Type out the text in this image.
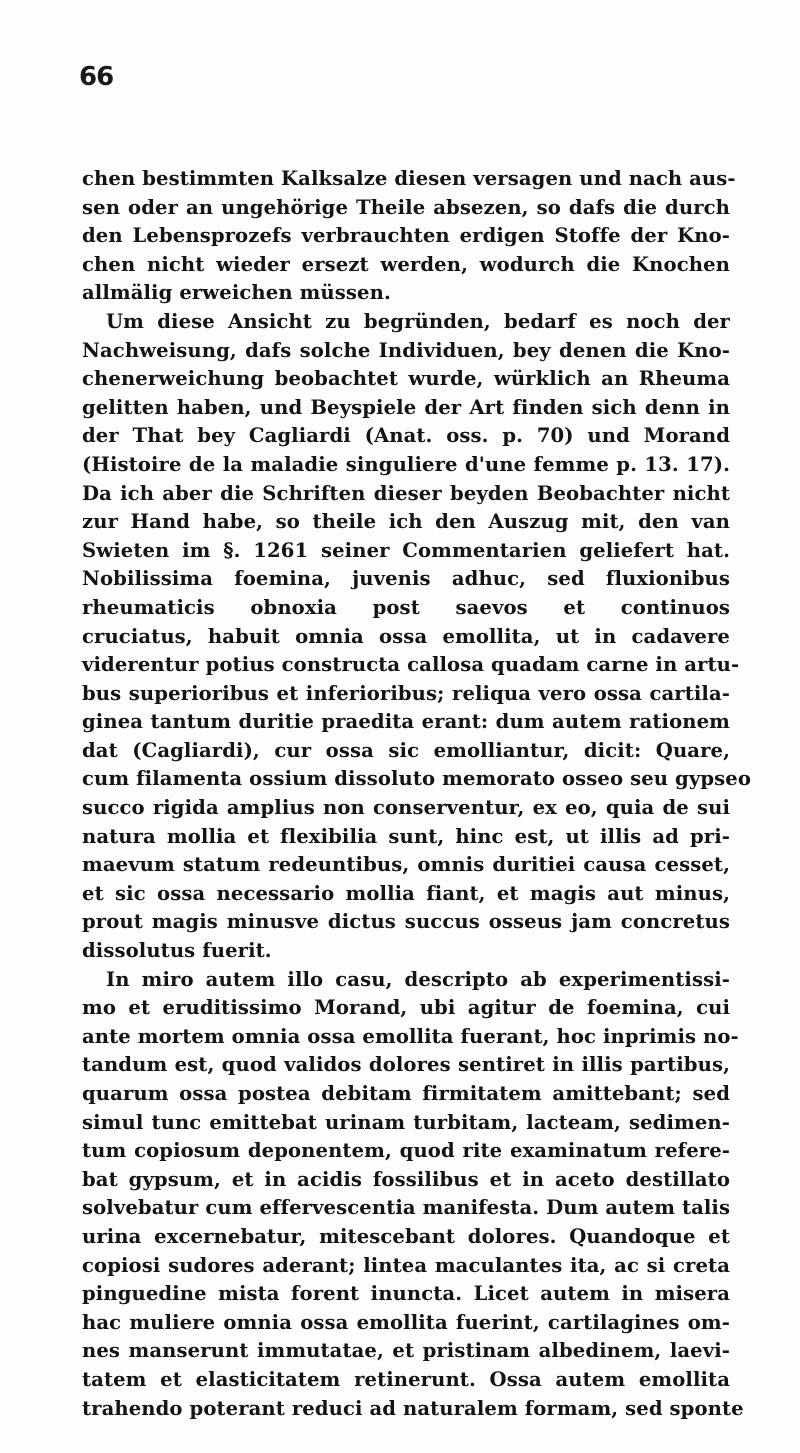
66
chen bestimmten Kalksalze diesen versagen und nach aus-
sen oder an ungehörige Theile absezen, so dafs die durch
den Lebensprozefs verbrauchten erdigen Stoffe der Kno-
chen nicht wieder ersezt werden, wodurch die Knochen
allmälig erweichen müssen.
Um diese Ansicht zu begründen, bedarf es noch der
Nachweisung, dafs solche Individuen, bey denen die Kno-
chenerweichung beobachtet wurde, würklich an Rheuma
gelitten haben, und Beyspiele der Art finden sich denn in
der That bey Cagliardi (Anat. oss. p. 70) und Morand
(Histoire de la maladie singuliere d'une femme p. 13. 17).
Da ich aber die Schriften dieser beyden Beobachter nicht
zur Hand habe, so theile ich den Auszug mit, den van
Swieten im §. 1261 seiner Commentarien geliefert hat.
Nobilissima foemina, juvenis adhuc, sed fluxionibus
rheumaticis obnoxia post saevos et continuos
cruciatus, habuit omnia ossa emollita, ut in cadavere
viderentur potius constructa callosa quadam carne in artu-
bus superioribus et inferioribus; reliqua vero ossa cartila-
ginea tantum duritie praedita erant: dum autem rationem
dat (Cagliardi), cur ossa sic emolliantur, dicit: Quare,
cum filamenta ossium dissoluto memorato osseo seu gypseo
succo rigida amplius non conserventur, ex eo, quia de sui
natura mollia et flexibilia sunt, hinc est, ut illis ad pri-
maevum statum redeuntibus, omnis duritiei causa cesset,
et sic ossa necessario mollia fiant, et magis aut minus,
prout magis minusve dictus succus osseus jam concretus
dissolutus fuerit.
In miro autem illo casu, descripto ab experimentissi-
mo et eruditissimo Morand, ubi agitur de foemina, cui
ante mortem omnia ossa emollita fuerant, hoc inprimis no-
tandum est, quod validos dolores sentiret in illis partibus,
quarum ossa postea debitam firmitatem amittebant; sed
simul tunc emittebat urinam turbitam, lacteam, sedimen-
tum copiosum deponentem, quod rite examinatum refere-
bat gypsum, et in acidis fossilibus et in aceto destillato
solvebatur cum effervescentia manifesta. Dum autem talis
urina excernebatur, mitescebant dolores. Quandoque et
copiosi sudores aderant; lintea maculantes ita, ac si creta
pinguedine mista forent inuncta. Licet autem in misera
hac muliere omnia ossa emollita fuerint, cartilagines om-
nes manserunt immutatae, et pristinam albedinem, laevi-
tatem et elasticitatem retinerunt. Ossa autem emollita
trahendo poterant reduci ad naturalem formam, sed sponte
